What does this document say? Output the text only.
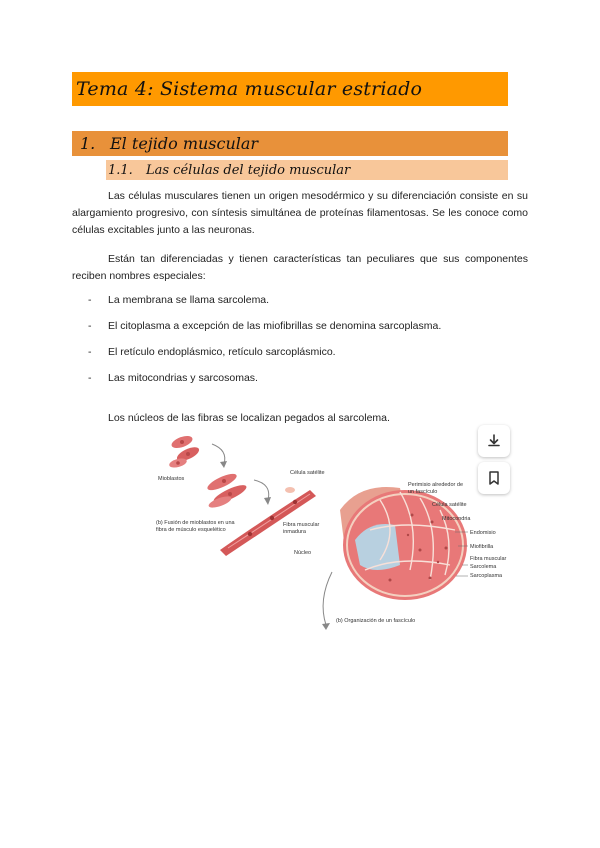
Tema 4: Sistema muscular estriado
1. El tejido muscular
1.1.	Las células del tejido muscular

Las células musculares tienen un origen mesodérmico y su diferenciación consiste en su alargamiento progresivo, con síntesis simultánea de proteínas filamentosas. Se les conoce como células excitables junto a las neuronas.

Están tan diferenciadas y tienen características tan peculiares que sus componentes reciben nombres especiales:

-	La membrana se llama sarcolema.
-	El citoplasma a excepción de las miofibrillas se denomina sarcoplasma.
-	El retículo endoplásmico, retículo sarcoplásmico.
-	Las mitocondrias y sarcosomas.

Los núcleos de las fibras se localizan pegados al sarcolema.

Mioblastos
Célula satélite
(b) Fusión de mioblastos en una fibra de músculo esquelético
Fibra muscular inmadura
Núcleo
Perimisio alrededor de un fascículo
Célula satélite
Mitocondria
Endomisio
Miofibrilla
Fibra muscular
Sarcolema
Sarcoplasma
(b) Organización de un fascículo
